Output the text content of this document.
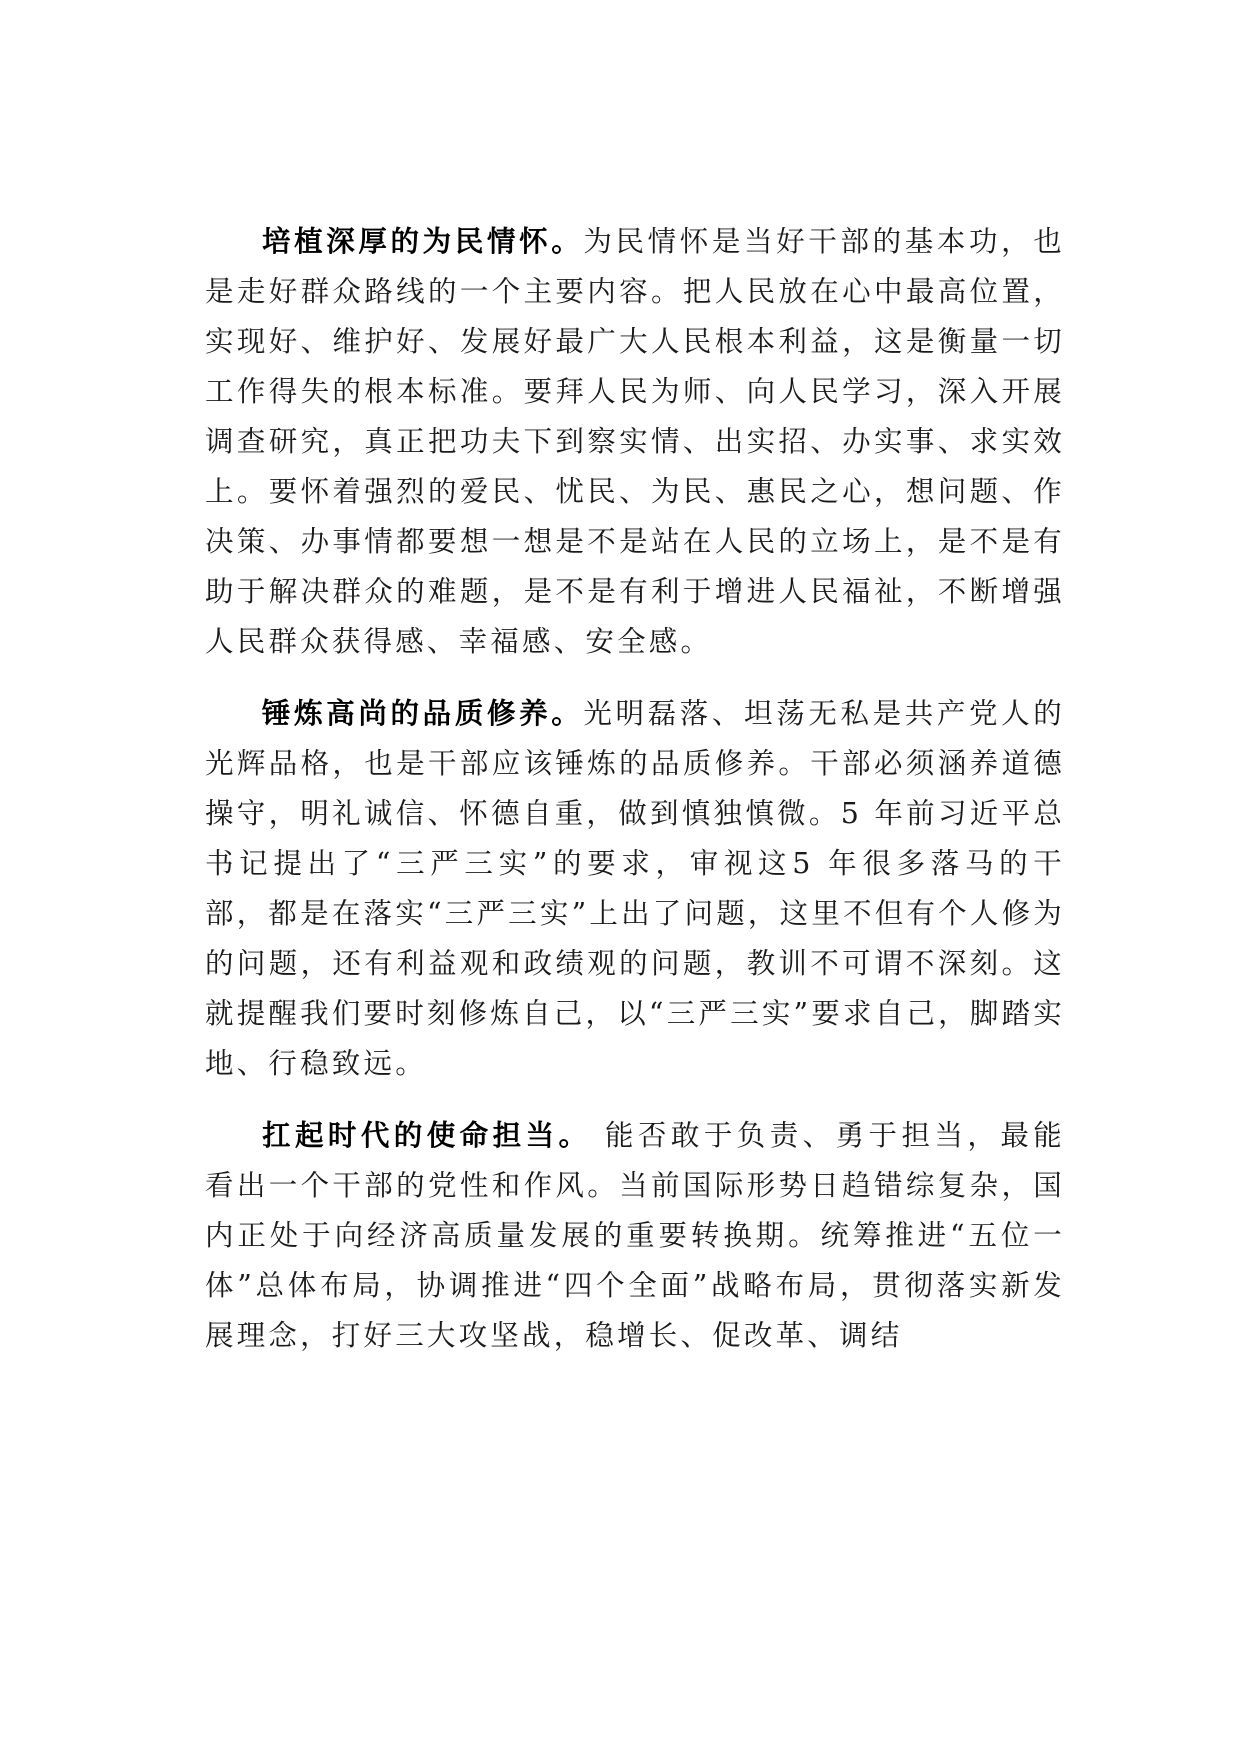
培植深厚的为民情怀。为民情怀是当好干部的基本功，也是走好群众路线的一个主要内容。把人民放在心中最高位置，实现好、维护好、发展好最广大人民根本利益，这是衡量一切工作得失的根本标准。要拜人民为师、向人民学习，深入开展调查研究，真正把功夫下到察实情、出实招、办实事、求实效上。要怀着强烈的爱民、忧民、为民、惠民之心，想问题、作决策、办事情都要想一想是不是站在人民的立场上，是不是有助于解决群众的难题，是不是有利于增进人民福祉，不断增强人民群众获得感、幸福感、安全感。

锤炼高尚的品质修养。光明磊落、坦荡无私是共产党人的光辉品格，也是干部应该锤炼的品质修养。干部必须涵养道德操守，明礼诚信、怀德自重，做到慎独慎微。5 年前习近平总书记提出了“三严三实”的要求，审视这5 年很多落马的干部，都是在落实“三严三实”上出了问题，这里不但有个人修为的问题，还有利益观和政绩观的问题，教训不可谓不深刻。这就提醒我们要时刻修炼自己，以“三严三实”要求自己，脚踏实地、行稳致远。

扛起时代的使命担当。 能否敢于负责、勇于担当，最能看出一个干部的党性和作风。当前国际形势日趋错综复杂，国内正处于向经济高质量发展的重要转换期。统筹推进“五位一体”总体布局，协调推进“四个全面”战略布局，贯彻落实新发展理念，打好三大攻坚战，稳增长、促改革、调结
